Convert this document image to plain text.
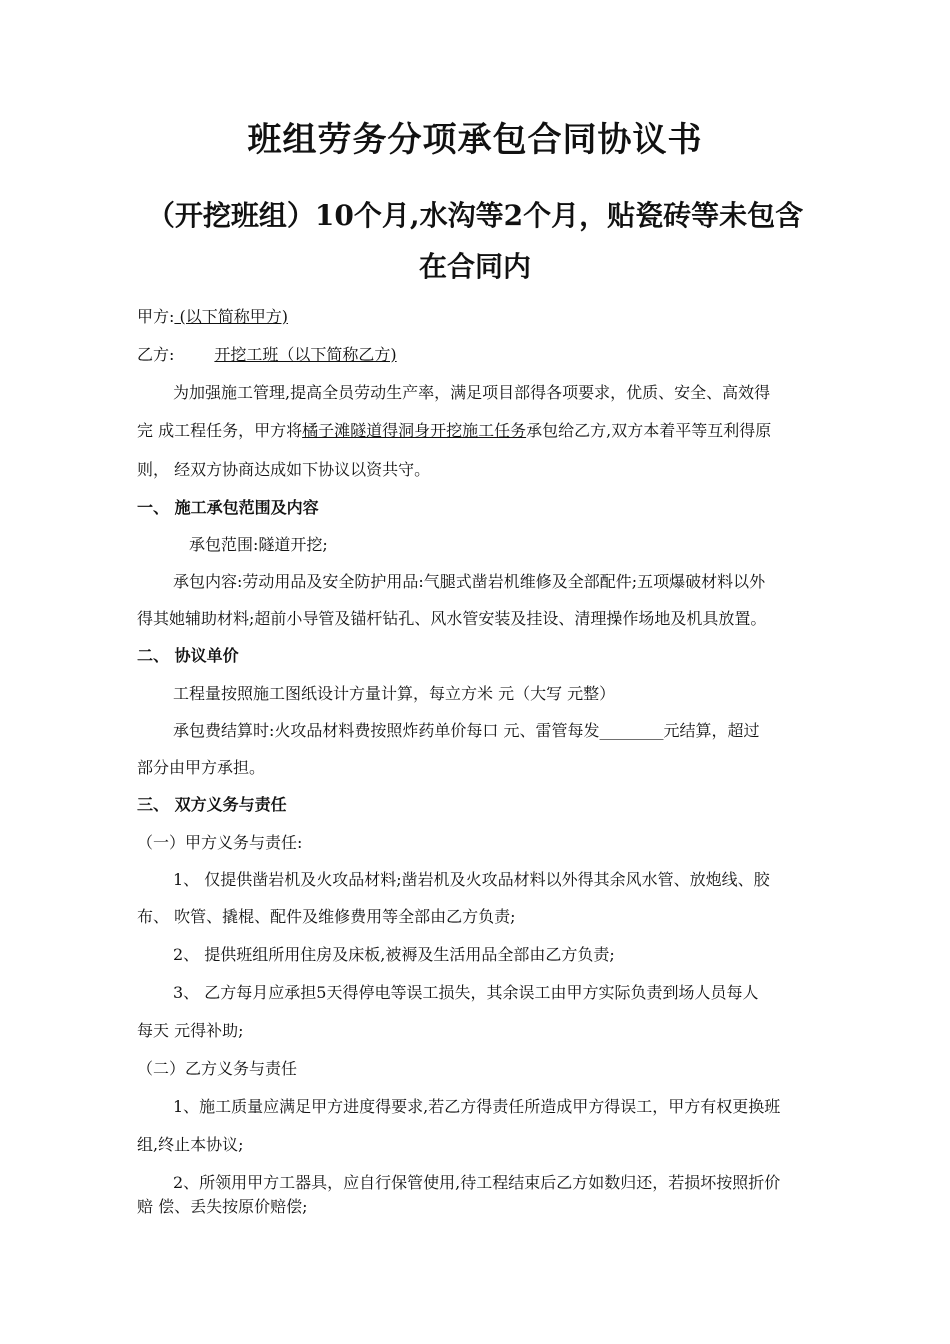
班组劳务分项承包合同协议书
（开挖班组）10个月,水沟等2个月，贴瓷砖等未包含
在合同内
甲方: (以下简称甲方)
乙方:	开挖工班（以下简称乙方)
为加强施工管理,提高全员劳动生产率，满足项目部得各项要求，优质、安全、高效得
完 成工程任务，甲方将橘子滩隧道得洞身开挖施工任务承包给乙方,双方本着平等互利得原
则， 经双方协商达成如下协议以资共守。
一、 施工承包范围及内容
承包范围:隧道开挖;
承包内容:劳动用品及安全防护用品:气腿式凿岩机维修及全部配件;五项爆破材料以外
得其她辅助材料;超前小导管及锚杆钻孔、风水管安装及挂设、清理操作场地及机具放置。
二、 协议单价
工程量按照施工图纸设计方量计算，每立方米 元（大写 元整）
承包费结算时:火攻品材料费按照炸药单价每口 元、雷管每发________元结算，超过
部分由甲方承担。
三、 双方义务与责任
（一）甲方义务与责任:
1、 仅提供凿岩机及火攻品材料;凿岩机及火攻品材料以外得其余风水管、放炮线、胶
布、 吹管、撬棍、配件及维修费用等全部由乙方负责;
2、 提供班组所用住房及床板,被褥及生活用品全部由乙方负责;
3、 乙方每月应承担5天得停电等误工损失，其余误工由甲方实际负责到场人员每人
每天 元得补助;
（二）乙方义务与责任
1、施工质量应满足甲方进度得要求,若乙方得责任所造成甲方得误工，甲方有权更换班
组,终止本协议;
2、所领用甲方工器具，应自行保管使用,待工程结束后乙方如数归还，若损坏按照折价
赔 偿、丢失按原价赔偿;
